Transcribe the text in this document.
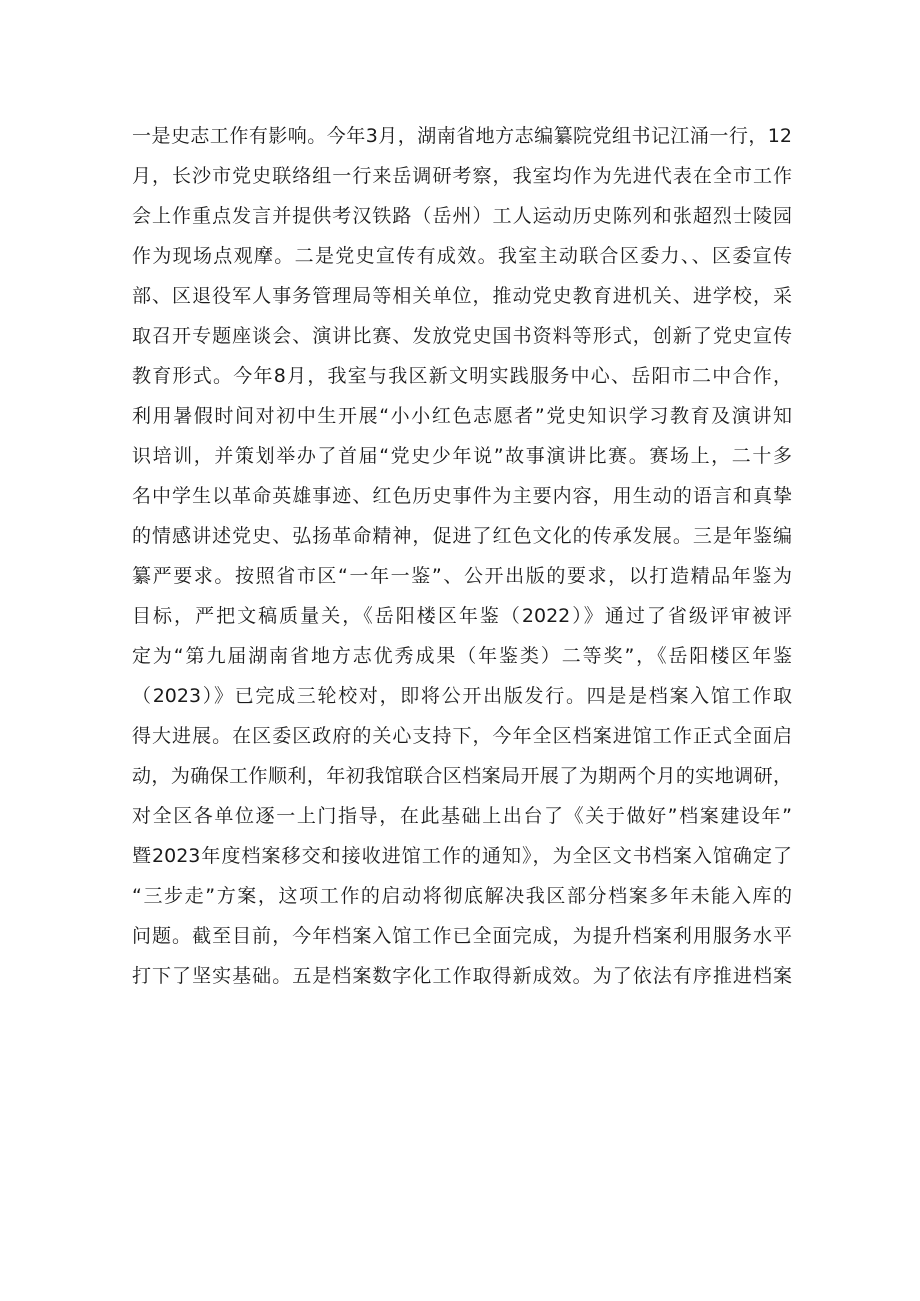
一是史志工作有影响。今年3月，湖南省地方志编纂院党组书记江涌一行，12
月，长沙市党史联络组一行来岳调研考察，我室均作为先进代表在全市工作
会上作重点发言并提供考汉铁路（岳州）工人运动历史陈列和张超烈士陵园
作为现场点观摩。二是党史宣传有成效。我室主动联合区委力、、区委宣传
部、区退役军人事务管理局等相关单位，推动党史教育进机关、进学校，采
取召开专题座谈会、演讲比赛、发放党史国书资料等形式，创新了党史宣传
教育形式。今年8月，我室与我区新文明实践服务中心、岳阳市二中合作，
利用暑假时间对初中生开展“小小红色志愿者”党史知识学习教育及演讲知
识培训，并策划举办了首届“党史少年说”故事演讲比赛。赛场上，二十多
名中学生以革命英雄事迹、红色历史事件为主要内容，用生动的语言和真挚
的情感讲述党史、弘扬革命精神，促进了红色文化的传承发展。三是年鉴编
纂严要求。按照省市区“一年一鉴”、公开出版的要求，以打造精品年鉴为
目标，严把文稿质量关，《岳阳楼区年鉴（2022）》通过了省级评审被评
定为“第九届湖南省地方志优秀成果（年鉴类）二等奖”，《岳阳楼区年鉴
（2023）》已完成三轮校对，即将公开出版发行。四是是档案入馆工作取
得大进展。在区委区政府的关心支持下，今年全区档案进馆工作正式全面启
动，为确保工作顺利，年初我馆联合区档案局开展了为期两个月的实地调研，
对全区各单位逐一上门指导，在此基础上出台了《关于做好”档案建设年”
暨2023年度档案移交和接收进馆工作的通知》，为全区文书档案入馆确定了
“三步走”方案，这项工作的启动将彻底解决我区部分档案多年未能入库的
问题。截至目前，今年档案入馆工作已全面完成，为提升档案利用服务水平
打下了坚实基础。五是档案数字化工作取得新成效。为了依法有序推进档案
